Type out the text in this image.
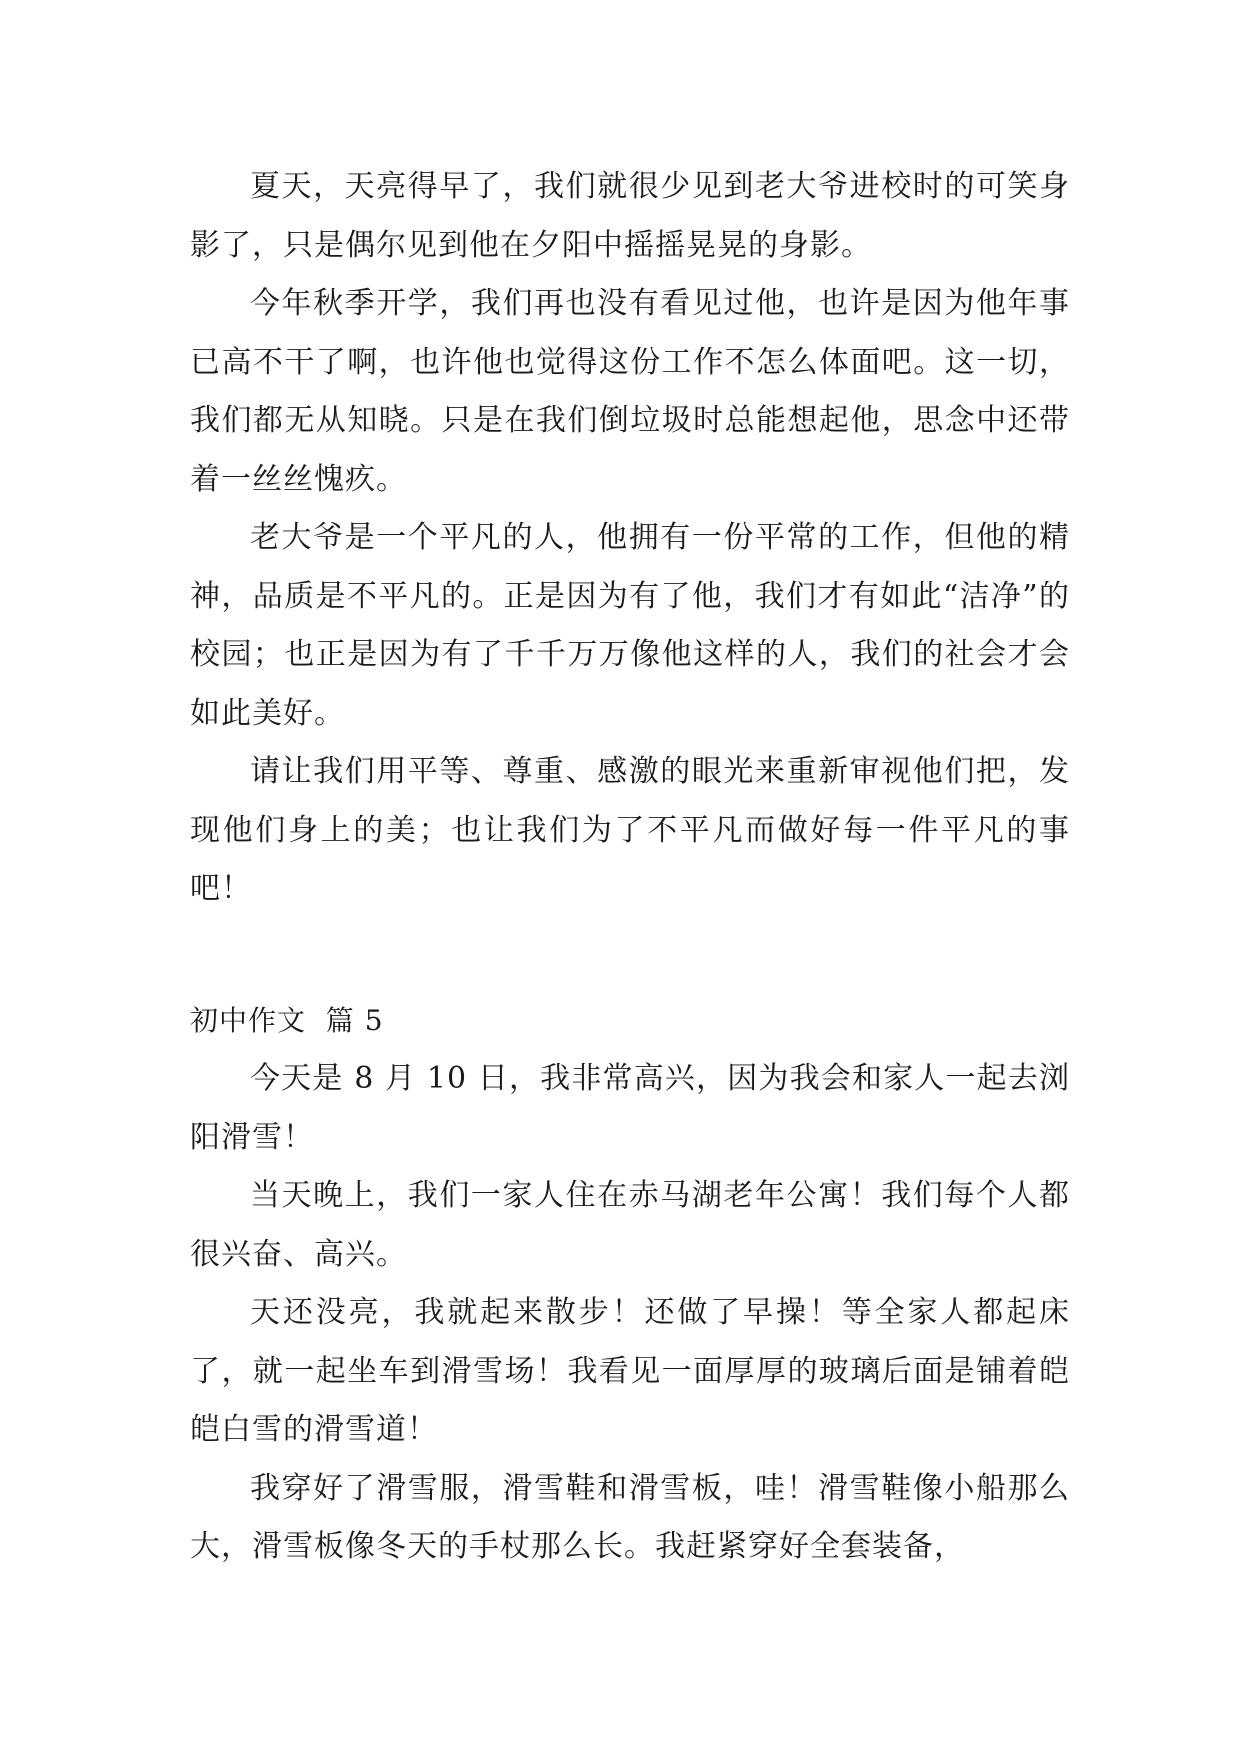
夏天，天亮得早了，我们就很少见到老大爷进校时的可笑身影了，只是偶尔见到他在夕阳中摇摇晃晃的身影。

今年秋季开学，我们再也没有看见过他，也许是因为他年事已高不干了啊，也许他也觉得这份工作不怎么体面吧。这一切，我们都无从知晓。只是在我们倒垃圾时总能想起他，思念中还带着一丝丝愧疚。

老大爷是一个平凡的人，他拥有一份平常的工作，但他的精神，品质是不平凡的。正是因为有了他，我们才有如此“洁净”的校园；也正是因为有了千千万万像他这样的人，我们的社会才会如此美好。

请让我们用平等、尊重、感激的眼光来重新审视他们把，发现他们身上的美；也让我们为了不平凡而做好每一件平凡的事吧！

初中作文  篇 5

今天是 8 月 10 日，我非常高兴，因为我会和家人一起去浏阳滑雪！

当天晚上，我们一家人住在赤马湖老年公寓！我们每个人都很兴奋、高兴。

天还没亮，我就起来散步！还做了早操！等全家人都起床了，就一起坐车到滑雪场！我看见一面厚厚的玻璃后面是铺着皑皑白雪的滑雪道！

我穿好了滑雪服，滑雪鞋和滑雪板，哇！滑雪鞋像小船那么大，滑雪板像冬天的手杖那么长。我赶紧穿好全套装备，
